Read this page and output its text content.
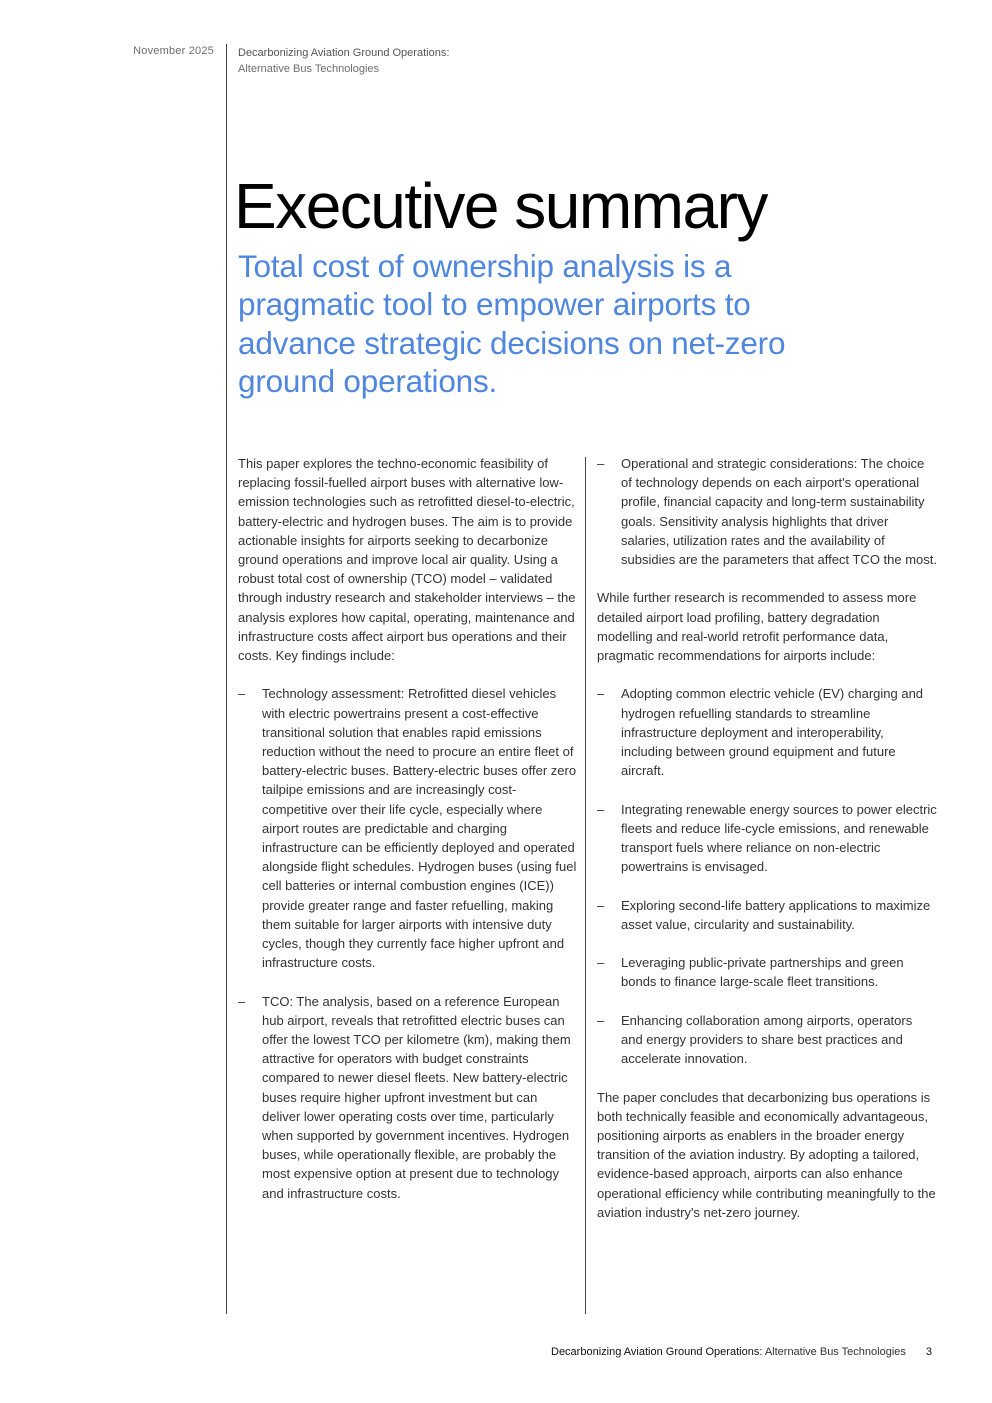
November 2025 Decarbonizing Aviation Ground Operations:
Alternative Bus Technologies
Executive summary

Total cost of ownership analysis is a pragmatic tool to empower airports to advance strategic decisions on net-zero ground operations.

This paper explores the techno-economic feasibility of replacing fossil-fuelled airport buses with alternative low-emission technologies such as retrofitted diesel-to-electric, battery-electric and hydrogen buses. The aim is to provide actionable insights for airports seeking to decarbonize ground operations and improve local air quality. Using a robust total cost of ownership (TCO) model – validated through industry research and stakeholder interviews – the analysis explores how capital, operating, maintenance and infrastructure costs affect airport bus operations and their costs. Key findings include:

– Technology assessment: Retrofitted diesel vehicles with electric powertrains present a cost-effective transitional solution that enables rapid emissions reduction without the need to procure an entire fleet of battery-electric buses. Battery-electric buses offer zero tailpipe emissions and are increasingly cost-competitive over their life cycle, especially where airport routes are predictable and charging infrastructure can be efficiently deployed and operated alongside flight schedules. Hydrogen buses (using fuel cell batteries or internal combustion engines (ICE)) provide greater range and faster refuelling, making them suitable for larger airports with intensive duty cycles, though they currently face higher upfront and infrastructure costs.
– TCO: The analysis, based on a reference European hub airport, reveals that retrofitted electric buses can offer the lowest TCO per kilometre (km), making them attractive for operators with budget constraints compared to newer diesel fleets. New battery-electric buses require higher upfront investment but can deliver lower operating costs over time, particularly when supported by government incentives. Hydrogen buses, while operationally flexible, are probably the most expensive option at present due to technology and infrastructure costs.
– Operational and strategic considerations: The choice of technology depends on each airport's operational profile, financial capacity and long-term sustainability goals. Sensitivity analysis highlights that driver salaries, utilization rates and the availability of subsidies are the parameters that affect TCO the most.

While further research is recommended to assess more detailed airport load profiling, battery degradation modelling and real-world retrofit performance data, pragmatic recommendations for airports include:

– Adopting common electric vehicle (EV) charging and hydrogen refuelling standards to streamline infrastructure deployment and interoperability, including between ground equipment and future aircraft.
– Integrating renewable energy sources to power electric fleets and reduce life-cycle emissions, and renewable transport fuels where reliance on non-electric powertrains is envisaged.
– Exploring second-life battery applications to maximize asset value, circularity and sustainability.
– Leveraging public-private partnerships and green bonds to finance large-scale fleet transitions.
– Enhancing collaboration among airports, operators and energy providers to share best practices and accelerate innovation.

The paper concludes that decarbonizing bus operations is both technically feasible and economically advantageous, positioning airports as enablers in the broader energy transition of the aviation industry. By adopting a tailored, evidence-based approach, airports can also enhance operational efficiency while contributing meaningfully to the aviation industry's net-zero journey.

Decarbonizing Aviation Ground Operations: Alternative Bus Technologies 3
